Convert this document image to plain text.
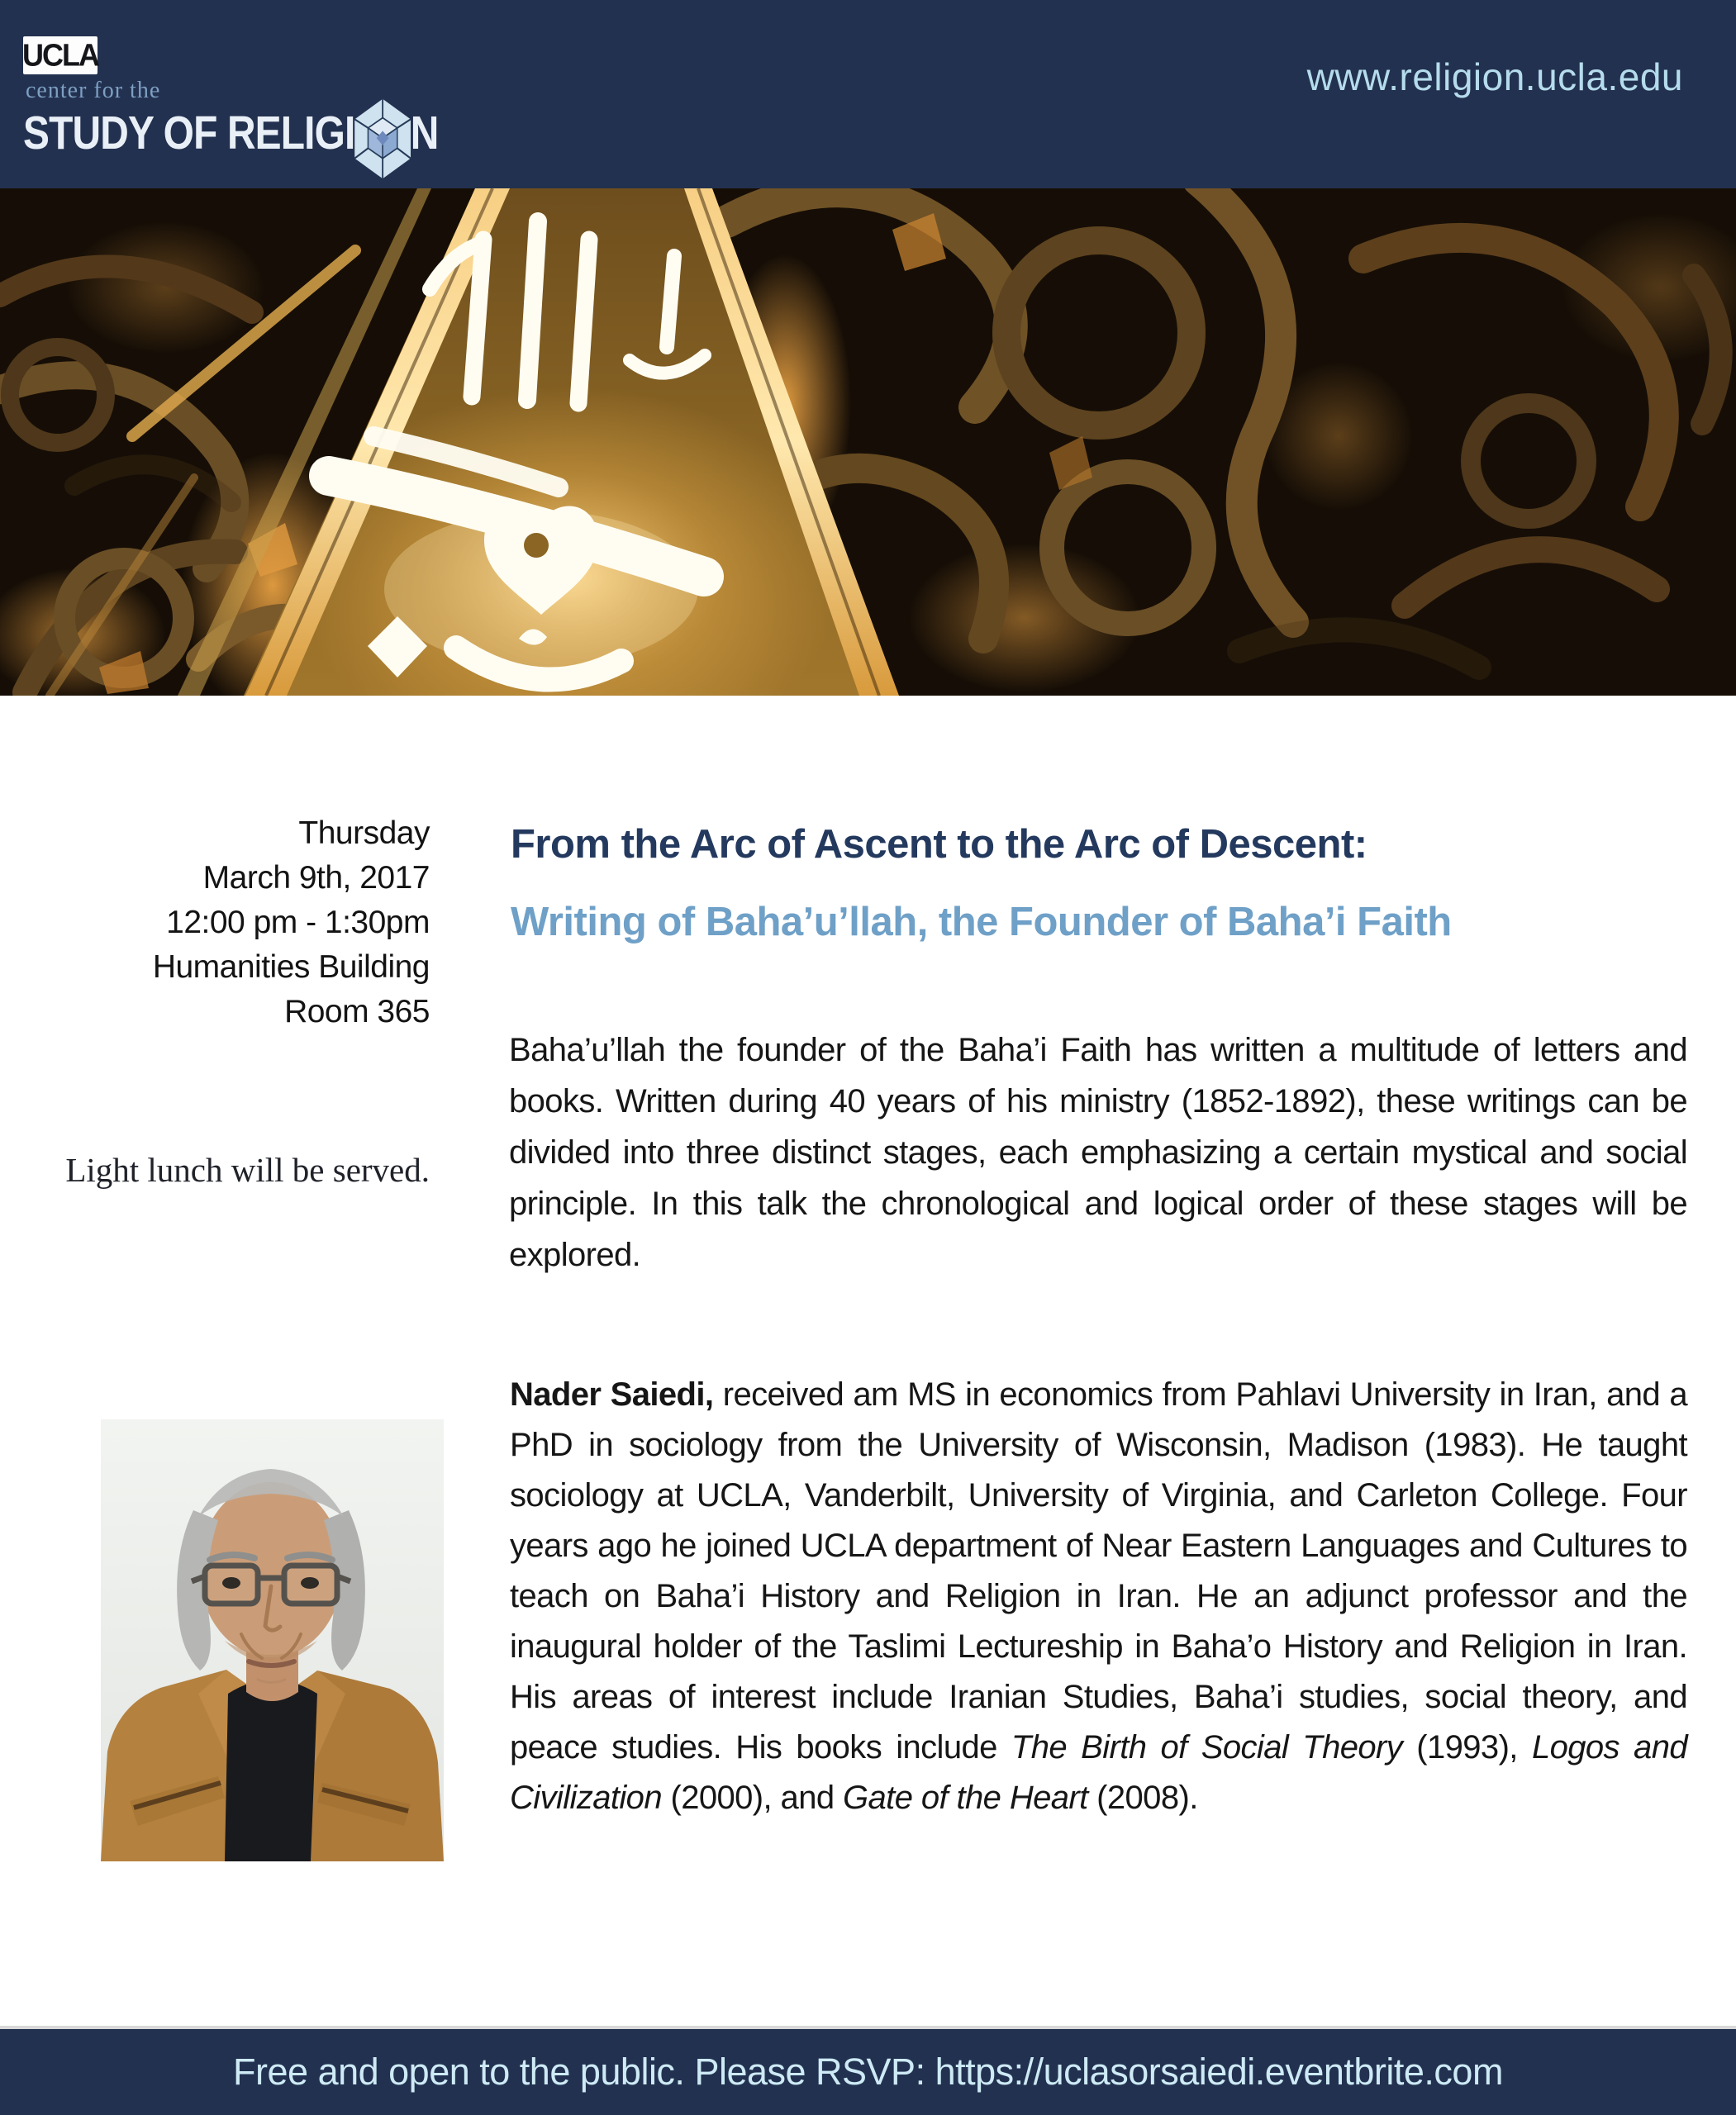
UCLA
center for the
STUDY OF RELIGI N
www.religion.ucla.edu
Thursday
March 9th, 2017
12:00 pm - 1:30pm
Humanities Building
Room 365
Light lunch will be served.
From the Arc of Ascent to the Arc of Descent:
Writing of Baha’u’llah, the Founder of Baha’i Faith
Baha’u’llah the founder of the Baha’i Faith has written a multitude of letters and books. Written during 40 years of his ministry (1852-1892), these writings can be divided into three distinct stages, each emphasizing a certain mystical and social principle. In this talk the chronological and logical order of these stages will be explored.
Nader Saiedi, received am MS in economics from Pahlavi University in Iran, and a PhD in sociology from the University of Wisconsin, Madison (1983). He taught sociology at UCLA, Vanderbilt, University of Virginia, and Carleton College. Four years ago he joined UCLA department of Near Eastern Languages and Cultures to teach on Baha’i History and Religion in Iran. He an adjunct professor and the inaugural holder of the Taslimi Lectureship in Baha’o History and Religion in Iran. His areas of interest include Iranian Studies, Baha’i studies, social theory, and peace studies. His books include The Birth of Social Theory (1993), Logos and Civilization (2000), and Gate of the Heart (2008).
Free and open to the public. Please RSVP: https://uclasorsaiedi.eventbrite.com
